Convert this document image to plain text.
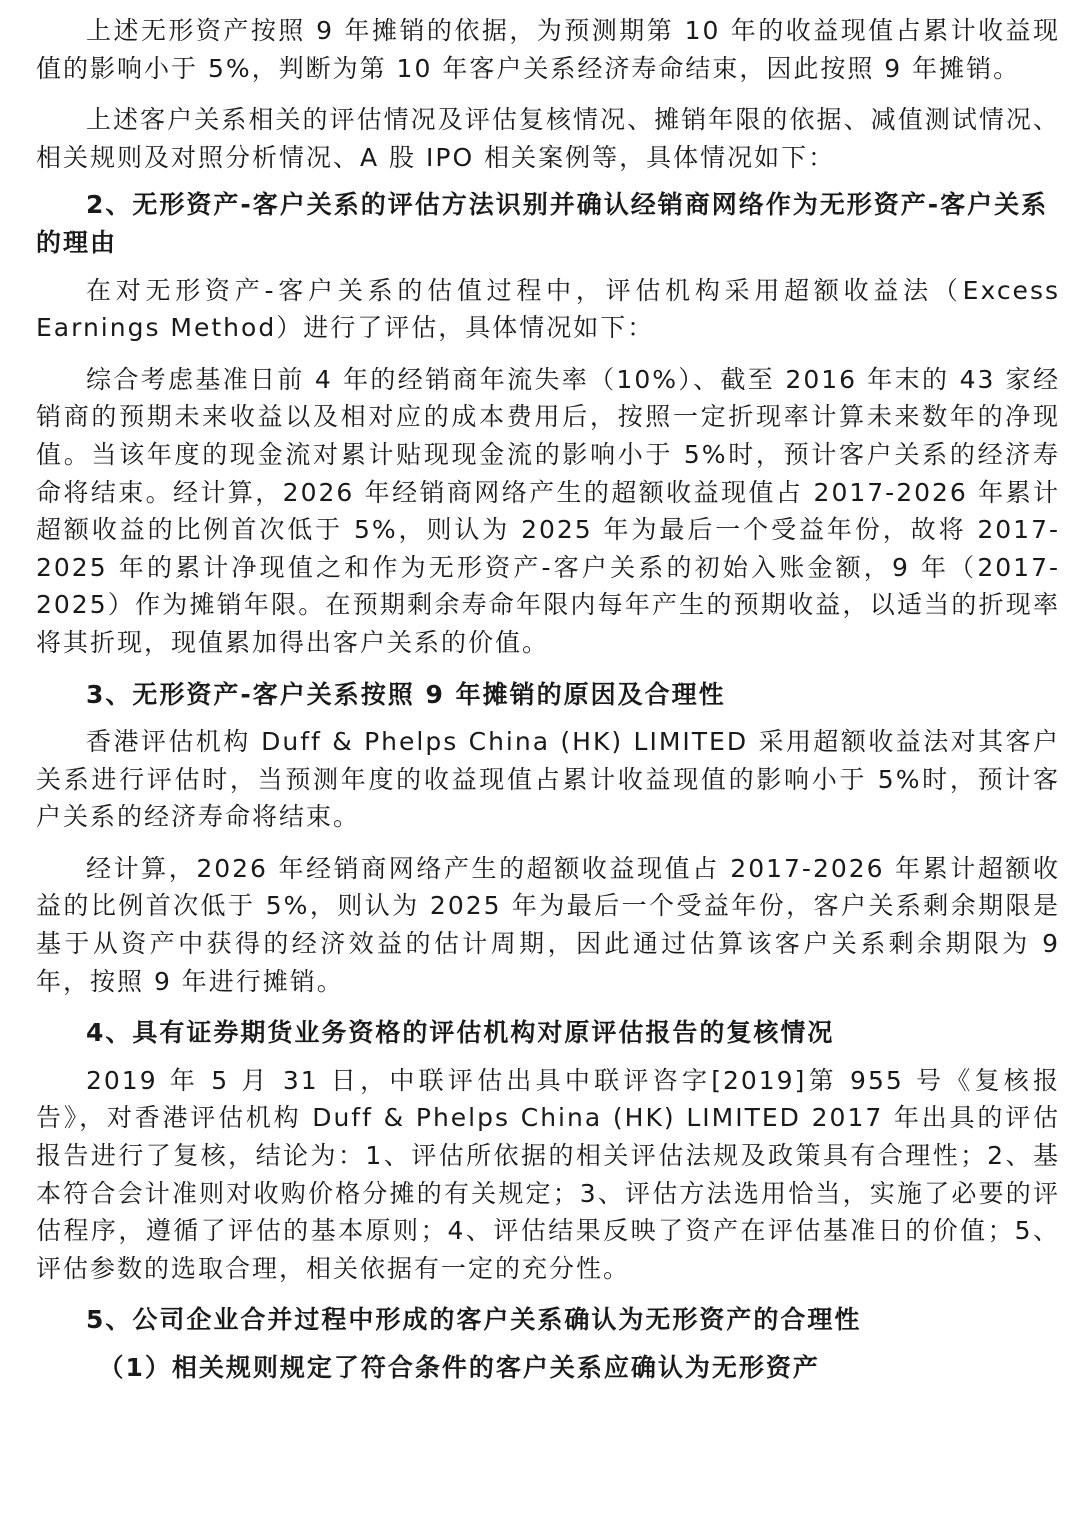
上述无形资产按照 9 年摊销的依据，为预测期第 10 年的收益现值占累计收益现值的影响小于 5%，判断为第 10 年客户关系经济寿命结束，因此按照 9 年摊销。

上述客户关系相关的评估情况及评估复核情况、摊销年限的依据、减值测试情况、相关规则及对照分析情况、A 股 IPO 相关案例等，具体情况如下：

2、无形资产-客户关系的评估方法识别并确认经销商网络作为无形资产-客户关系的理由

在对无形资产-客户关系的估值过程中，评估机构采用超额收益法（Excess Earnings Method）进行了评估，具体情况如下：

综合考虑基准日前 4 年的经销商年流失率（10%）、截至 2016 年末的 43 家经销商的预期未来收益以及相对应的成本费用后，按照一定折现率计算未来数年的净现值。当该年度的现金流对累计贴现现金流的影响小于 5%时，预计客户关系的经济寿命将结束。经计算，2026 年经销商网络产生的超额收益现值占 2017-2026 年累计超额收益的比例首次低于 5%，则认为 2025 年为最后一个受益年份，故将 2017-2025 年的累计净现值之和作为无形资产-客户关系的初始入账金额，9 年（2017-2025）作为摊销年限。在预期剩余寿命年限内每年产生的预期收益，以适当的折现率将其折现，现值累加得出客户关系的价值。

3、无形资产-客户关系按照 9 年摊销的原因及合理性

香港评估机构 Duff & Phelps China (HK) LIMITED 采用超额收益法对其客户关系进行评估时，当预测年度的收益现值占累计收益现值的影响小于 5%时，预计客户关系的经济寿命将结束。

经计算，2026 年经销商网络产生的超额收益现值占 2017-2026 年累计超额收益的比例首次低于 5%，则认为 2025 年为最后一个受益年份，客户关系剩余期限是基于从资产中获得的经济效益的估计周期，因此通过估算该客户关系剩余期限为 9 年，按照 9 年进行摊销。

4、具有证券期货业务资格的评估机构对原评估报告的复核情况

2019 年 5 月 31 日，中联评估出具中联评咨字[2019]第 955 号《复核报告》，对香港评估机构 Duff & Phelps China (HK) LIMITED 2017 年出具的评估报告进行了复核，结论为：1、评估所依据的相关评估法规及政策具有合理性；2、基本符合会计准则对收购价格分摊的有关规定；3、评估方法选用恰当，实施了必要的评估程序，遵循了评估的基本原则；4、评估结果反映了资产在评估基准日的价值；5、评估参数的选取合理，相关依据有一定的充分性。

5、公司企业合并过程中形成的客户关系确认为无形资产的合理性

（1）相关规则规定了符合条件的客户关系应确认为无形资产
